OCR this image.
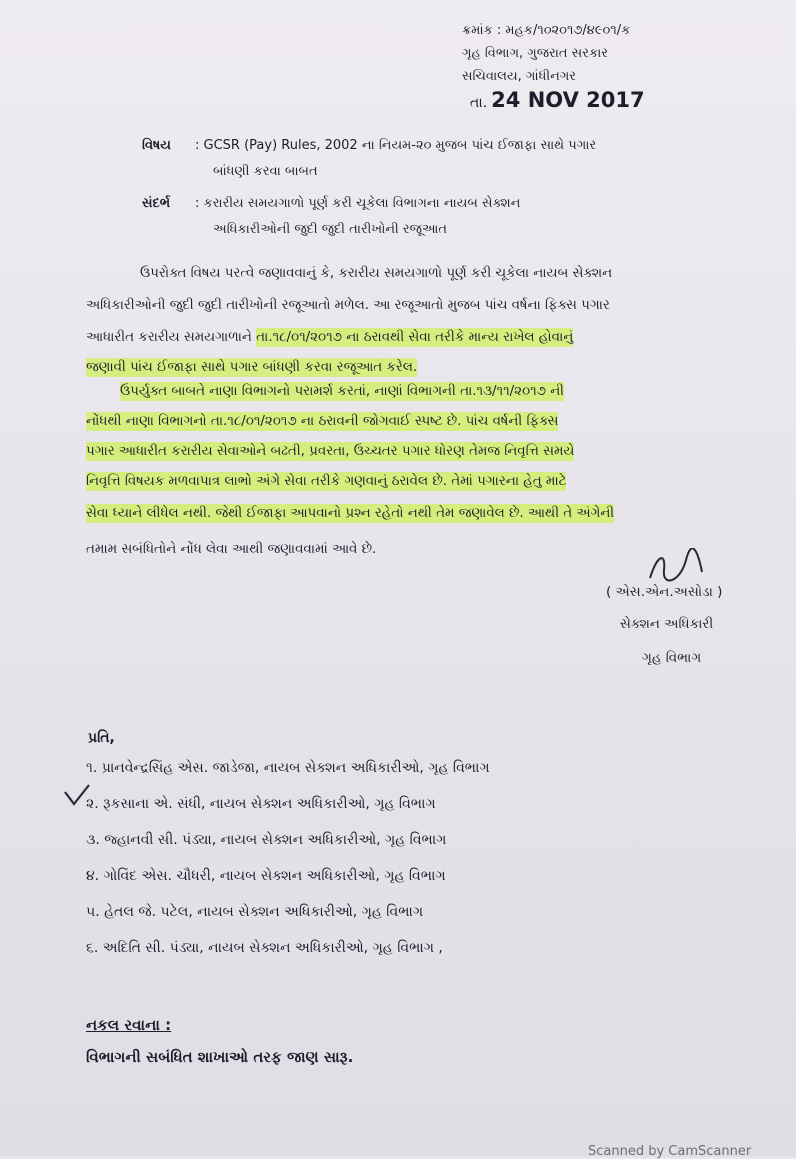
ક્રમાંક : મહક/૧૦૨૦૧૭/૪૯૦૧/ક
ગૃહ વિભાગ, ગુજરાત સરકાર
સચિવાલય, ગાંધીનગર
તા. 24 NOV 2017
વિષય : GCSR (Pay) Rules, 2002 ના નિયમ-૨૦ મુજબ પાંચ ઈજાફા સાથે પગાર
બાંધણી કરવા બાબત
સંદર્ભ : કરારીય સમયગાળો પૂર્ણ કરી ચૂકેલા વિભાગના નાયબ સેક્શન
અધિકારીઓની જુદી જુદી તારીખોની રજૂઆત
ઉપરોક્ત વિષય પરત્વે જણાવવાનું કે, કરારીય સમયગાળો પૂર્ણ કરી ચૂકેલા નાયબ સેક્શન
અધિકારીઓની જુદી જુદી તારીખોની રજૂઆતો મળેલ. આ રજૂઆતો મુજબ પાંચ વર્ષના ફિક્સ પગાર
આધારીત કરારીય સમયગાળાને તા.૧૮/૦૧/૨૦૧૭ ના ઠરાવથી સેવા તરીકે માન્ય રાખેલ હોવાનું
જણાવી પાંચ ઈજાફા સાથે પગાર બાંધણી કરવા રજૂઆત કરેલ.
ઉપર્યુક્ત બાબતે નાણા વિભાગનો પરામર્શ કરતાં, નાણાં વિભાગની તા.૧૩/૧૧/૨૦૧૭ ની
નોંધથી નાણા વિભાગનો તા.૧૮/૦૧/૨૦૧૭ ના ઠરાવની જોગવાઈ સ્પષ્ટ છે. પાંચ વર્ષની ફિક્સ
પગાર આધારીત કરારીય સેવાઓને બઢતી, પ્રવરતા, ઉચ્ચતર પગાર ધોરણ તેમજ નિવૃત્તિ સમયે
નિવૃત્તિ વિષયક મળવાપાત્ર લાભો અંગે સેવા તરીકે ગણવાનું ઠરાવેલ છે. તેમાં પગારના હેતુ માટે
સેવા ધ્યાને લીધેલ નથી. જેથી ઈજાફા આપવાનો પ્રશ્ન રહેતો નથી તેમ જણાવેલ છે. આથી તે અંગેની
તમામ સબંધિતોને નોંધ લેવા આથી જણાવવામાં આવે છે.
( એસ.એન.અસોડા )
સેક્શન અધિકારી
ગૃહ વિભાગ
પ્રતિ,
૧. પ્રાનવેન્દ્રસિંહ એસ. જાડેજા, નાયબ સેક્શન અધિકારીઓ, ગૃહ વિભાગ
૨. રૂકસાના એ. સંધી, નાયબ સેક્શન અધિકારીઓ, ગૃહ વિભાગ
૩. જ્હાનવી સી. પંડ્યા, નાયબ સેક્શન અધિકારીઓ, ગૃહ વિભાગ
૪. ગોવિંદ એસ. ચૌધરી, નાયબ સેક્શન અધિકારીઓ, ગૃહ વિભાગ
૫. હેતલ જે. પટેલ, નાયબ સેક્શન અધિકારીઓ, ગૃહ વિભાગ
૬. અદિતિ સી. પંડ્યા, નાયબ સેક્શન અધિકારીઓ, ગૃહ વિભાગ ,
નકલ રવાના :
વિભાગની સબંધિત શાખાઓ તરફ જાણ સારૂ.
Scanned by CamScanner
